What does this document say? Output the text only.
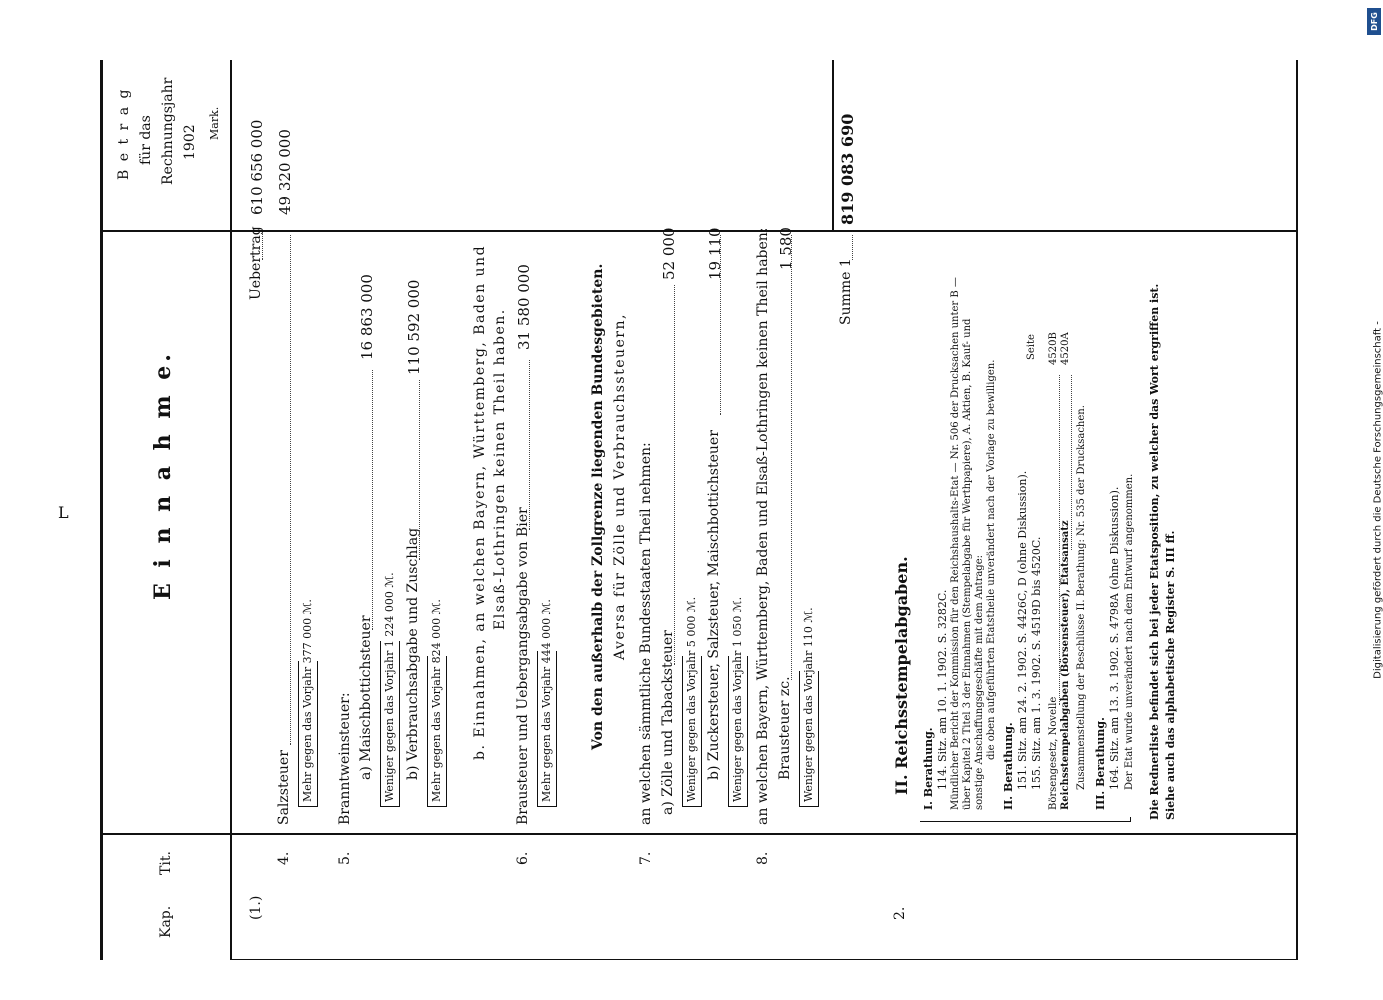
L
DFG
Digitalisierung gefördert durch die Deutsche Forschungsgemeinschaft -
Kap.
Tit.
E i n n a h m e.
B e t r a g für das Rechnungsjahr 1902
Mark.
Uebertrag
610 656 000
(1.)
4.
Salzsteuer
49 320 000
Mehr gegen das Vorjahr 377 000 ℳ.
5.
Branntweinsteuer: a) Maischbottichsteuer
16 863 000
Weniger gegen das Vorjahr 1 224 000 ℳ. b) Verbrauchsabgabe und Zuschlag
110 592 000
Mehr gegen das Vorjahr 824 000 ℳ. b. Einnahmen, an welchen Bayern, Württemberg, Baden und Elsaß-Lothringen keinen Theil haben.
6.
Brausteuer und Uebergangsabgabe von Bier
31 580 000
Mehr gegen das Vorjahr 444 000 ℳ.	Von den außerhalb der Zollgrenze liegenden Bundesgebieten. Aversa für Zölle und Verbrauchssteuern,
7.
an welchen sämmtliche Bundesstaaten Theil nehmen: a) Zölle und Tabacksteuer
52 000
Weniger gegen das Vorjahr 5 000 ℳ. b) Zuckersteuer, Salzsteuer, Maischbottichsteuer
19 110
Weniger gegen das Vorjahr 1 050 ℳ.
8.
an welchen Bayern, Württemberg, Baden und Elsaß-Lothringen keinen Theil haben: Brausteuer zc.
1 580
Weniger gegen das Vorjahr 110 ℳ.
Summe 1
819 083 690
2.
II. Reichsstempelabgaben. I. Berathung. 114. Sitz. am 10. 1. 1902. S. 3282C. Mündlicher Bericht der Kommission für den Reichshaushalts-Etat — Nr. 506 der Drucksachen unter B — über Kapitel 2 Titel 3 der Einnahmen (Stempelabgabe für Werthpapiere), A. Aktien, B. Kauf- und sonstige Anschaffungsgeschäfte mit dem Antrage: die oben aufgeführten Etatstheile unverändert nach der Vorlage zu bewilligen.
II. Berathung. 151. Sitz. am 24. 2. 1902. S. 4426C, D (ohne Diskussion). 155. Sitz. am 1. 3. 1902. S. 4519D bis 4520C. Börsengesetz, Novelle Reichsstempelabgaben (Börsensteuer), Etatsansatz
Seite 4520B 4520A
Zusammenstellung der Beschlüsse II. Berathung: Nr. 535 der Drucksachen. III. Berathung. 164. Sitz. am 13. 3. 1902. S. 4798A (ohne Diskussion). Der Etat wurde unverändert nach dem Entwurf angenommen. Die Rednerliste befindet sich bei jeder Etatsposition, zu welcher das Wort ergriffen ist. Siehe auch das alphabetische Register S. III ff.
